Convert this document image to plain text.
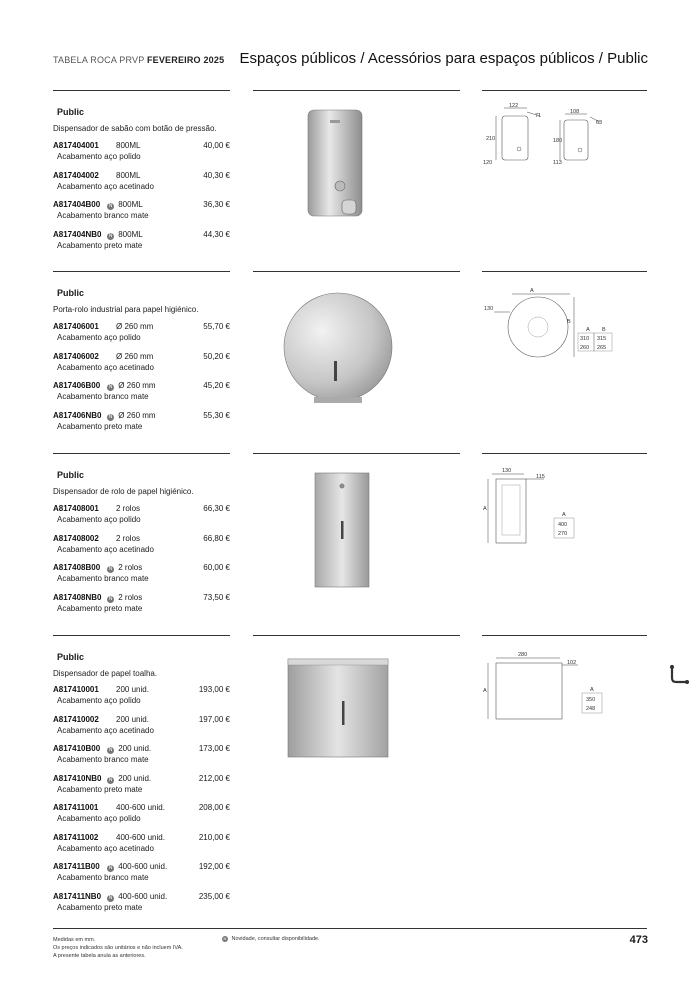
TABELA ROCA PRVP FEVEREIRO 2025 Espaços públicos / Acessórios para espaços públicos / Public
Public
Dispensador de sabão com botão de pressão.
A817404001 800ML	40,00 €
Acabamento aço polido
A817404002 800ML	40,30 €
Acabamento aço acetinado
A817404B00	N 800ML	36,30 €
Acabamento branco mate
A817404NB0	N 800ML	44,30 €
Acabamento preto mate
122
71
210
120
108
63
180
113
Public
Porta-rolo industrial para papel higiénico.
A817406001 Ø 260 mm	55,70 €
Acabamento aço polido
A817406002 Ø 260 mm	50,20 €
Acabamento aço acetinado
A817406B00	N Ø 260 mm	45,20 €
Acabamento branco mate
A817406NB0	N Ø 260 mm	55,30 €
Acabamento preto mate
A
130
B
A B
310 315
260 265
Public
Dispensador de rolo de papel higiénico.
A817408001 2 rolos	66,30 €
Acabamento aço polido
A817408002 2 rolos	66,80 €
Acabamento aço acetinado
A817408B00	N 2 rolos	60,00 €
Acabamento branco mate
A817408NB0	N 2 rolos	73,50 €
Acabamento preto mate
130
115
A
A
400
270
Public
Dispensador de papel toalha.
A817410001 200 unid.	193,00 €
Acabamento aço polido
A817410002 200 unid.	197,00 €
Acabamento aço acetinado
A817410B00	N 200 unid.	173,00 €
Acabamento branco mate
A817410NB0	N 200 unid.	212,00 €
Acabamento preto mate
A817411001 400-600 unid.	208,00 €
Acabamento aço polido
A817411002 400-600 unid.	210,00 €
Acabamento aço acetinado
A817411B00	N 400-600 unid.	192,00 €
Acabamento branco mate
A817411NB0	N 400-600 unid.	235,00 €
Acabamento preto mate
280
102
A	A
350
248
Medidas em mm.
Os preços indicados são unitários e não incluem IVA.
A presente tabela anula as anteriores.
N Novidade, consultar disponibilidade.	473
